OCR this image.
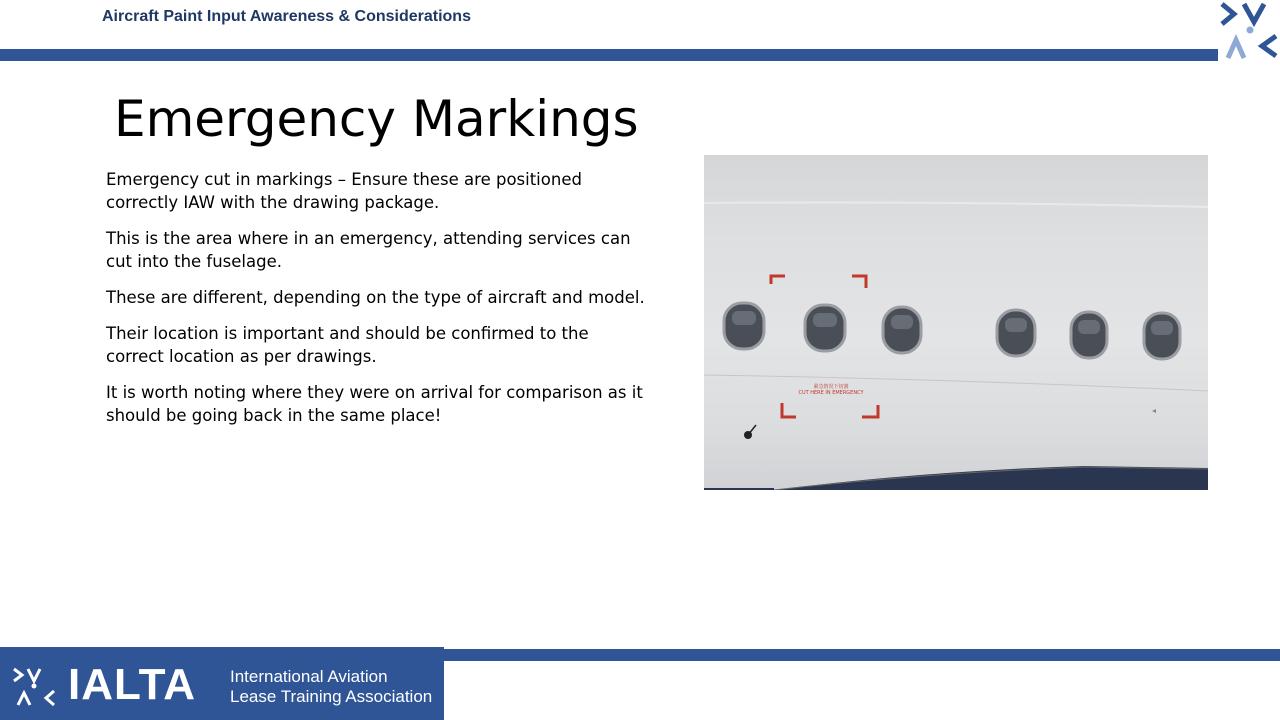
Aircraft Paint Input Awareness & Considerations
Emergency Markings

Emergency cut in markings – Ensure these are positioned correctly IAW with the drawing package.

This is the area where in an emergency, attending services can cut into the fuselage.

These are different, depending on the type of aircraft and model.

Their location is important and should be confirmed to the correct location as per drawings.

It is worth noting where they were on arrival for comparison as it should be going back in the same place!

紧急情况下切割
CUT HERE IN EMERGENCY
IALTA International Aviation
Lease Training Association
